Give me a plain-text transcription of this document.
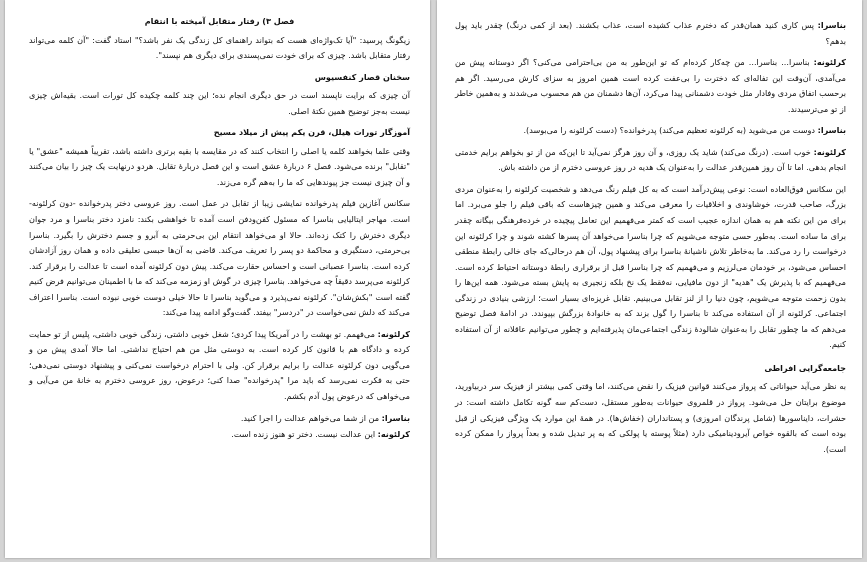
فصل ۳) رفتار متقابل آمیخته با انتقام

زیگونگ پرسید: "آیا تک‌واژه‌ای هست که بتواند راهنمای کل زندگی یک نفر باشد؟" استاد گفت: "آن کلمه می‌تواند رفتار متقابل باشد. چیزی که برای خودت نمی‌پسندی برای دیگری هم نپسند".

سخنان قصار کنفسیوس

آن چیزی که برایت ناپسند است در حق دیگری انجام نده؛ این چند کلمه چکیده کل تورات است. بقیه‌اش چیزی نیست به‌جز توضیح همین نکتهٔ اصلی.

آموزگار تورات هیلل، قرن یکم پیش از میلاد مسیح

وقتی علما بخواهند کلمه یا اصلی را انتخاب کنند که در مقایسه با بقیه برتری داشته باشد، تقریباً همیشه "عشق" یا "تقابل" برنده می‌شود. فصل ۶ دربارهٔ عشق است و این فصل دربارهٔ تقابل. هردو درنهایت یک چیز را بیان می‌کنند و آن چیزی نیست جز پیوندهایی که ما را به‌هم گره می‌زند.

سکانس آغازین فیلم پدرخوانده نمایشی زیبا از تقابل در عمل است. روز عروسی دختر پدرخوانده -دون کرلئونه- است. مهاجر ایتالیایی بناسرا که مسئول کفن‌ودفن است آمده تا خواهشی بکند: نامزد دختر بناسرا و مرد جوان دیگری دخترش را کتک زده‌اند. حالا او می‌خواهد انتقام این بی‌حرمتی به آبرو و جسم دخترش را بگیرد. بناسرا بی‌حرمتی، دستگیری و محاکمهٔ دو پسر را تعریف می‌کند. قاضی به آن‌ها حبسی تعلیقی داده و همان روز آزادشان کرده است. بناسرا عصبانی است و احساس حقارت می‌کند. پیش دون کرلئونه آمده است تا عدالت را برقرار کند. کرلئونه می‌پرسد دقیقاً چه می‌خواهد. بناسرا چیزی در گوش او زمزمه می‌کند که ما با اطمینان می‌توانیم فرض کنیم گفته است "بکش‌شان". کرلئونه نمی‌پذیرد و می‌گوید بناسرا تا حالا خیلی دوست خوبی نبوده است. بناسرا اعتراف می‌کند که دلش نمی‌خواست در "دردسر" بیفتد. گفت‌وگو ادامه پیدا می‌کند:

کرلئونه: می‌فهمم. تو بهشت را در آمریکا پیدا کردی؛ شغل خوبی داشتی، زندگی خوبی داشتی، پلیس از تو حمایت کرده و دادگاه هم با قانون کار کرده است. به دوستی مثل من هم احتیاج نداشتی. اما حالا آمدی پیش من و می‌گویی دون کرلئونه عدالت را برایم برقرار کن. ولی با احترام درخواست نمی‌کنی و پیشنهاد دوستی نمی‌دهی؛ حتی به فکرت نمی‌رسد که باید مرا "پدرخوانده" صدا کنی؛ درعوض، روز عروسی دخترم به خانهٔ من می‌آیی و می‌خواهی که درعوض پول آدم بکشم.

بناسرا: من از شما می‌خواهم عدالت را اجرا کنید.

کرلئونه: این عدالت نیست. دختر تو هنوز زنده است.

بناسرا: پس کاری کنید همان‌قدر که دخترم عذاب کشیده است، عذاب بکشند. (بعد از کمی درنگ) چقدر باید پول بدهم؟

کرلئونه: بناسرا... بناسرا... من چه‌کار کرده‌ام که تو این‌طور به من بی‌احترامی می‌کنی؟ اگر دوستانه پیش من می‌آمدی، آن‌وقت این تفاله‌ای که دخترت را بی‌عفت کرده است همین امروز به سزای کارش می‌رسید. اگر هم برحسب اتفاق مردی وفادار مثل خودت دشمنانی پیدا می‌کرد، آن‌ها دشمنان من هم محسوب می‌شدند و به‌همین خاطر از تو می‌ترسیدند.

بناسرا: دوست من می‌شوید (به کرلئونه تعظیم می‌کند) پدرخوانده؟ (دست کرلئونه را می‌بوسد).

کرلئونه: خوب است. (درنگ می‌کند) شاید یک روزی، و آن روز هرگز نمی‌آید تا این‌که من از تو بخواهم برایم خدمتی انجام بدهی. اما تا آن روز همین‌قدر عدالت را به‌عنوان یک هدیه در روز عروسی دخترم از من داشته باش.

این سکانس فوق‌العاده است: نوعی پیش‌درآمد است که به کل فیلم رنگ می‌دهد و شخصیت کرلئونه را به‌عنوان مردی بزرگ، صاحب قدرت، خوشاوندی و اخلاقیات را معرفی می‌کند و همین چیزهاست که باقی فیلم را جلو می‌برد. اما برای من این نکته هم به همان اندازه عجیب است که کمتر می‌فهمیم این تعامل پیچیده در خرده‌فرهنگی بیگانه چقدر برای ما ساده است. به‌طور حسی متوجه می‌شویم که چرا بناسرا می‌خواهد آن پسرها کشته شوند و چرا کرلئونه این درخواست را رد می‌کند. ما به‌خاطر تلاش ناشیانهٔ بناسرا برای پیشنهاد پول، آن هم درحالی‌که جای خالی رابطهٔ منطقی احساس می‌شود، بر خودمان می‌لرزیم و می‌فهمیم که چرا بناسرا قبل از برقراری رابطهٔ دوستانه احتیاط کرده است. می‌فهمیم که با پذیرش یک "هدیه" از دون مافیایی، نه‌فقط یک نخ بلکه زنجیری به پایش بسته می‌شود. همه این‌ها را بدون زحمت متوجه می‌شویم، چون دنیا را از لنز تقابل می‌بینیم. تقابل غریزه‌ای بسیار است؛ ارزشی بنیادی در زندگی اجتماعی. کرلئونه از آن استفاده می‌کند تا بناسرا را گول بزند که به خانوادهٔ بزرگش بپیوندد. در ادامهٔ فصل توضیح می‌دهم که ما چطور تقابل را به‌عنوان شالودهٔ زندگی اجتماعی‌مان پذیرفته‌ایم و چطور می‌توانیم عاقلانه از آن استفاده کنیم.

جامعه‌گرایی افراطی

به نظر می‌آید حیواناتی که پرواز می‌کنند قوانین فیزیک را نقض می‌کنند، اما وقتی کمی بیشتر از فیزیک سر دربیاورید، موضوع برایتان حل می‌شود. پرواز در قلمروی حیوانات به‌طور مستقل، دست‌کم سه گونه تکامل داشته است: در حشرات، دایناسورها (شامل پرندگان امروزی) و پستانداران (خفاش‌ها). در همهٔ این موارد یک ویژگی فیزیکی از قبل بوده است که بالقوه خواص آیرودینامیکی دارد (مثلاً پوسته یا پولکی که به پر تبدیل شده و بعداً پرواز را ممکن کرده است).
